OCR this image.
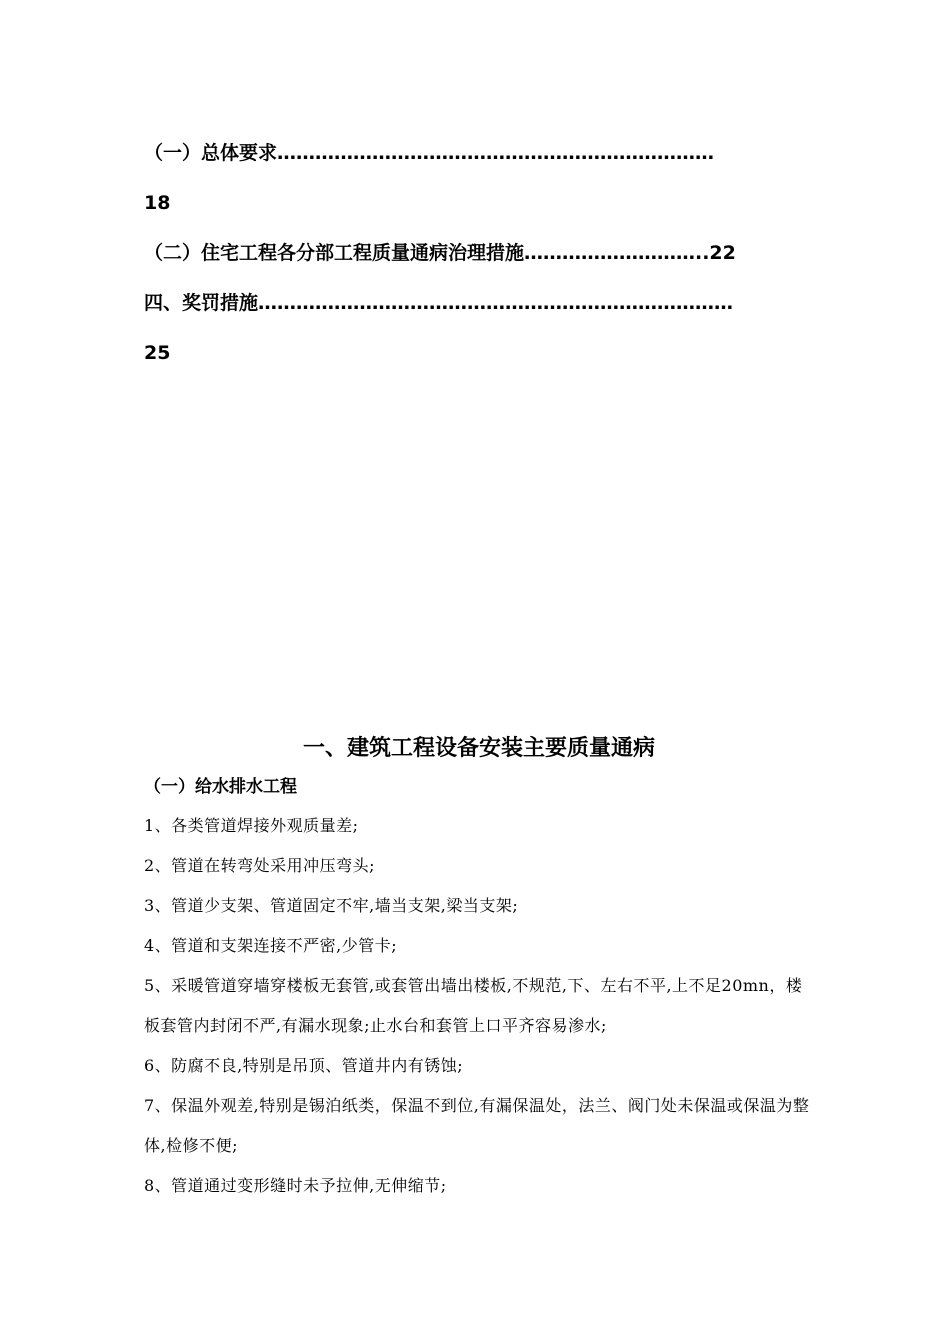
（一）总体要求……………………………………………………………
18
（二）住宅工程各分部工程质量通病治理措施………………………..22
四、奖罚措施…………………………………………………………………
25
一、建筑工程设备安装主要质量通病
（一）给水排水工程

1、各类管道焊接外观质量差;

2、管道在转弯处采用冲压弯头;

3、管道少支架、管道固定不牢,墙当支架,梁当支架;

4、管道和支架连接不严密,少管卡;

5、采暖管道穿墙穿楼板无套管,或套管出墙出楼板,不规范,下、左右不平,上不足20mn，楼板套管内封闭不严,有漏水现象;止水台和套管上口平齐容易渗水;

6、防腐不良,特别是吊顶、管道井内有锈蚀;

7、保温外观差,特别是锡泊纸类，保温不到位,有漏保温处，法兰、阀门处未保温或保温为整体,检修不便;

8、管道通过变形缝时未予拉伸,无伸缩节;
